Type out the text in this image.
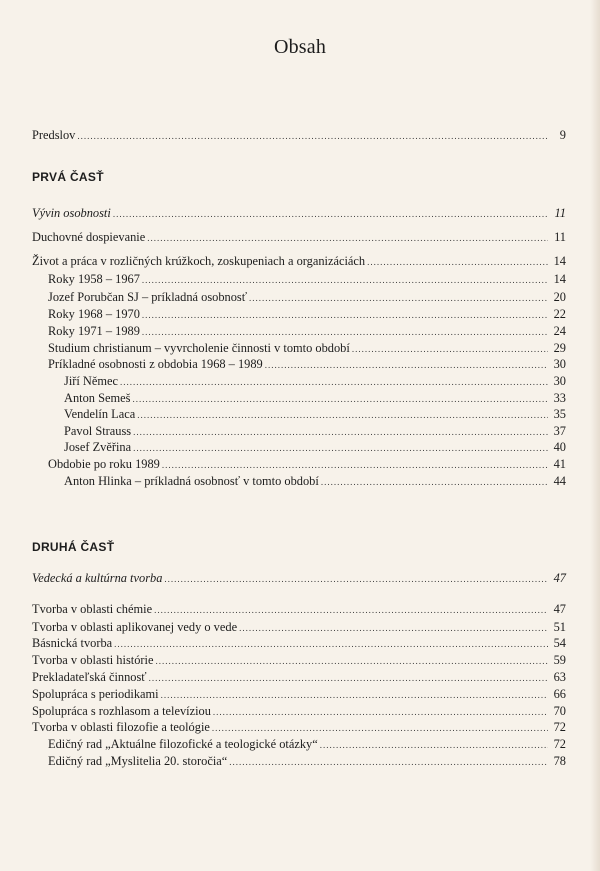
Obsah
Predslov .....	9
PRVÁ ČASŤ
Vývin osobnosti .....	11
Duchovné dospievanie .....	11
Život a práca v rozličných krúžkoch, zoskupeniach a organizáciách .....	14
Roky 1958 – 1967 .....	14
Jozef Porubčan SJ – príkladná osobnosť .....	20
Roky 1968 – 1970 .....	22
Roky 1971 – 1989 .....	24
Studium christianum – vyvrcholenie činnosti v tomto období .....	29
Príkladné osobnosti z obdobia 1968 – 1989 .....	30
Jiří Němec .....	30
Anton Semeš .....	33
Vendelín Laca .....	35
Pavol Strauss .....	37
Josef Zvěřina .....	40
Obdobie po roku 1989 .....	41
Anton Hlinka – príkladná osobnosť v tomto období .....	44
DRUHÁ ČASŤ
Vedecká a kultúrna tvorba .....	47
Tvorba v oblasti chémie .....	47
Tvorba v oblasti aplikovanej vedy o vede .....	51
Básnická tvorba .....	54
Tvorba v oblasti histórie .....	59
Prekladateľská činnosť .....	63
Spolupráca s periodikami .....	66
Spolupráca s rozhlasom a televíziou .....	70
Tvorba v oblasti filozofie a teológie .....	72
Edičný rad „Aktuálne filozofické a teologické otázky“ .....	72
Edičný rad „Myslitelia 20. storočia“ .....	78
